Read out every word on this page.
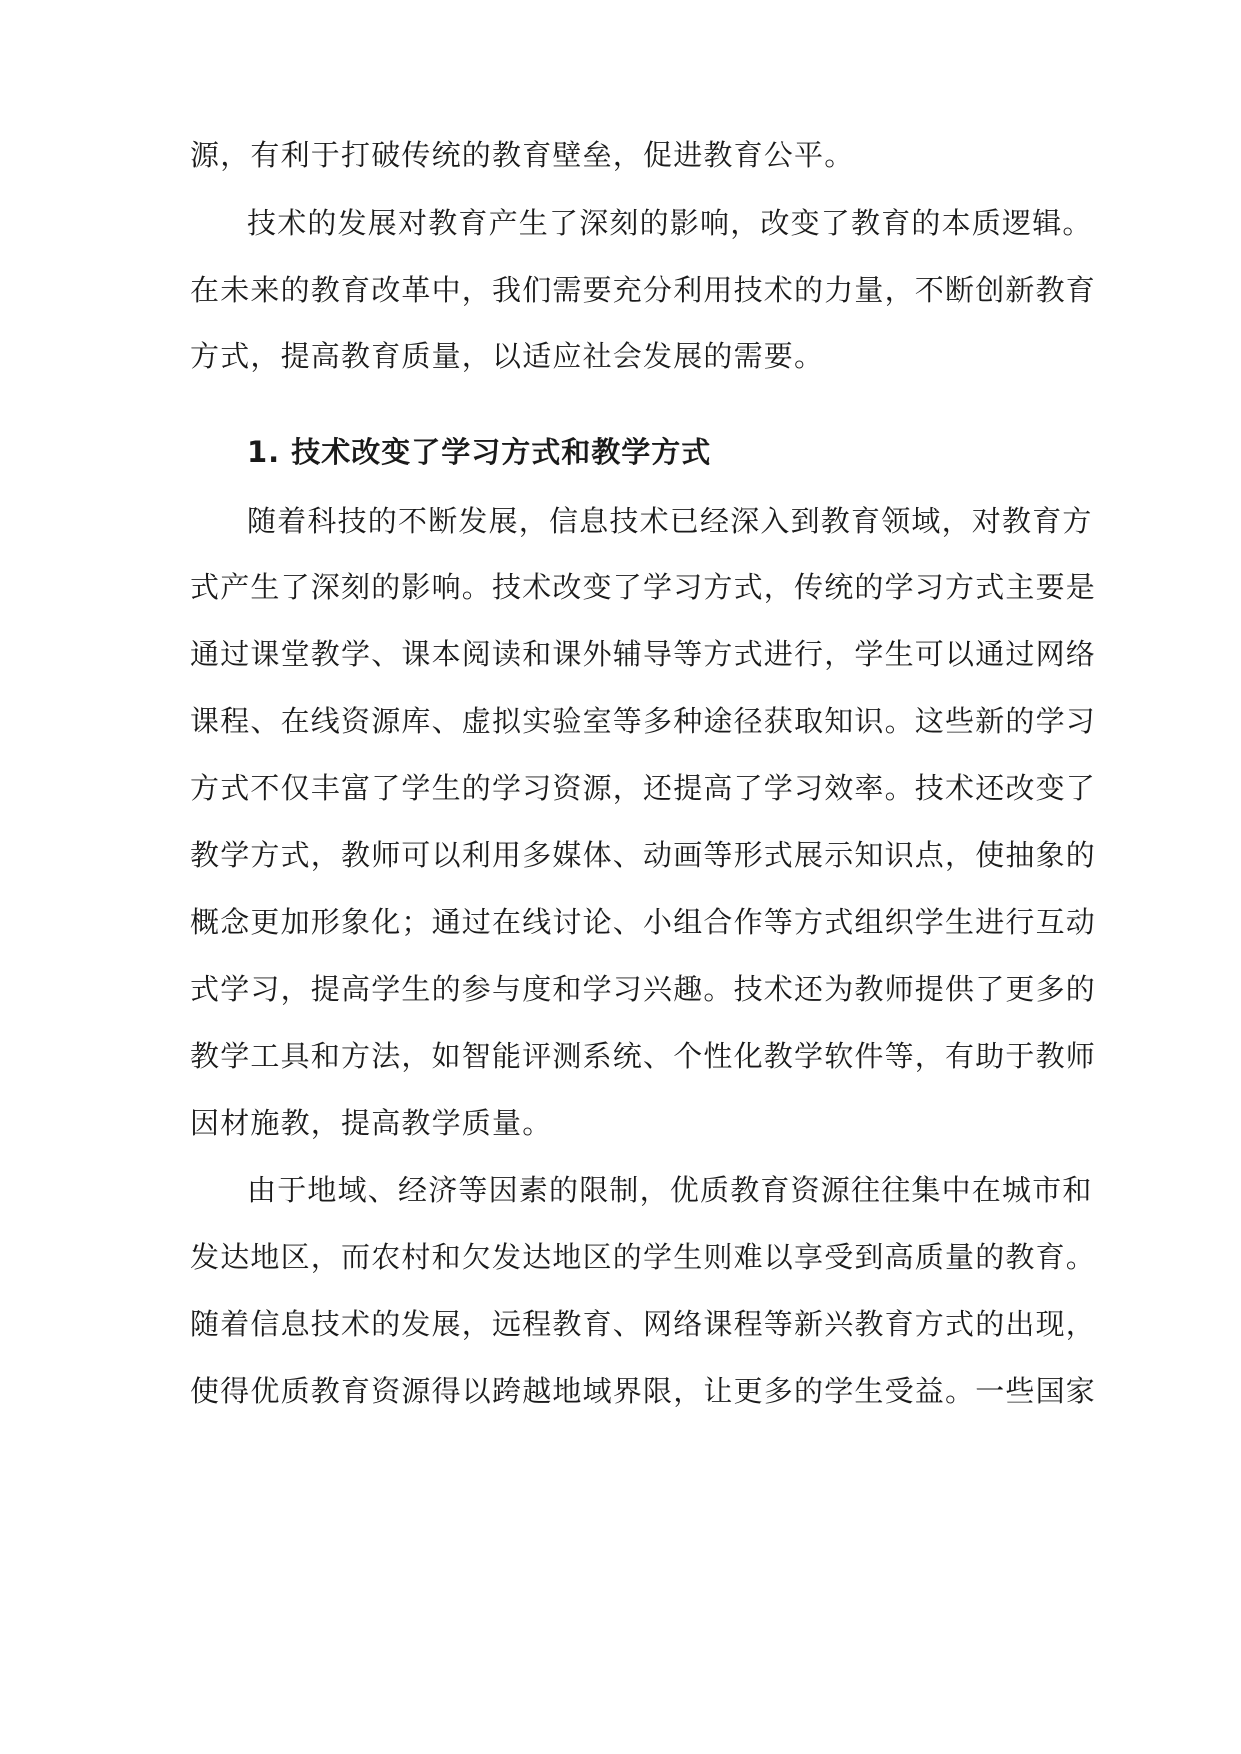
源，有利于打破传统的教育壁垒，促进教育公平。
技术的发展对教育产生了深刻的影响，改变了教育的本质逻辑。
在未来的教育改革中，我们需要充分利用技术的力量，不断创新教育
方式，提高教育质量，以适应社会发展的需要。
1. 技术改变了学习方式和教学方式
随着科技的不断发展，信息技术已经深入到教育领域，对教育方
式产生了深刻的影响。技术改变了学习方式，传统的学习方式主要是
通过课堂教学、课本阅读和课外辅导等方式进行，学生可以通过网络
课程、在线资源库、虚拟实验室等多种途径获取知识。这些新的学习
方式不仅丰富了学生的学习资源，还提高了学习效率。技术还改变了
教学方式，教师可以利用多媒体、动画等形式展示知识点，使抽象的
概念更加形象化；通过在线讨论、小组合作等方式组织学生进行互动
式学习，提高学生的参与度和学习兴趣。技术还为教师提供了更多的
教学工具和方法，如智能评测系统、个性化教学软件等，有助于教师
因材施教，提高教学质量。
由于地域、经济等因素的限制，优质教育资源往往集中在城市和
发达地区，而农村和欠发达地区的学生则难以享受到高质量的教育。
随着信息技术的发展，远程教育、网络课程等新兴教育方式的出现，
使得优质教育资源得以跨越地域界限，让更多的学生受益。一些国家
